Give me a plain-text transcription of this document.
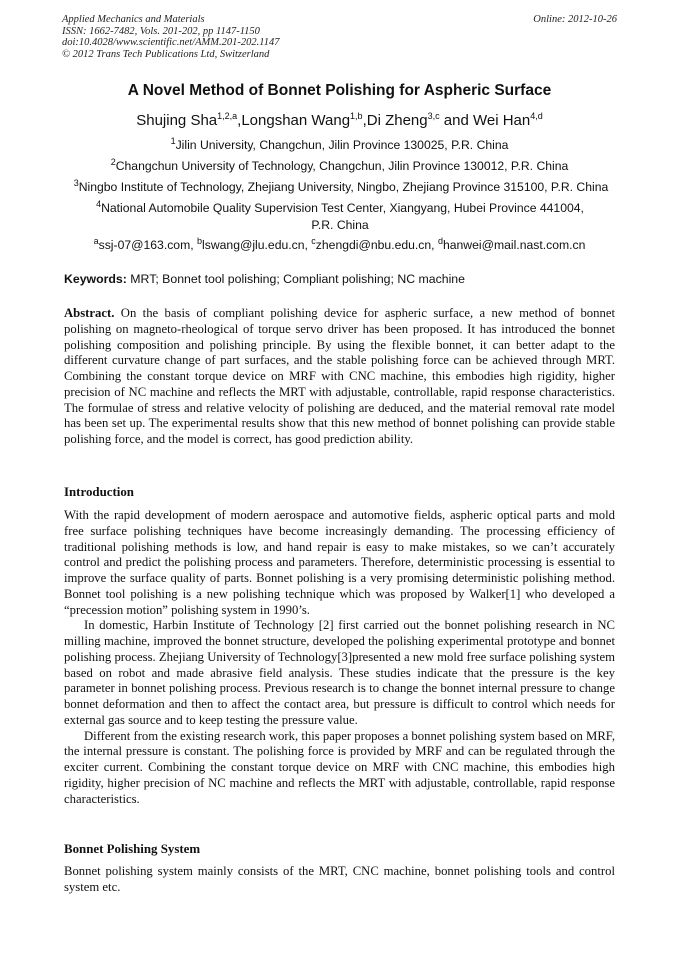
Applied Mechanics and Materials
ISSN: 1662-7482, Vols. 201-202, pp 1147-1150
doi:10.4028/www.scientific.net/AMM.201-202.1147
© 2012 Trans Tech Publications Ltd, Switzerland
Online: 2012-10-26
A Novel Method of Bonnet Polishing for Aspheric Surface
Shujing Sha$^{1,2,a}$,Longshan Wang$^{1,b}$,Di Zheng$^{3,c}$ and Wei Han$^{4,d}$
$^1$Jilin University, Changchun, Jilin Province 130025, P.R. China
$^2$Changchun University of Technology, Changchun, Jilin Province 130012, P.R. China
$^3$Ningbo Institute of Technology, Zhejiang University, Ningbo, Zhejiang Province 315100, P.R. China
$^4$National Automobile Quality Supervision Test Center, Xiangyang, Hubei Province 441004, P.R. China
$^a$ssj-07@163.com, $^b$lswang@jlu.edu.cn, $^c$zhengdi@nbu.edu.cn, $^d$hanwei@mail.nast.com.cn
Keywords: MRT; Bonnet tool polishing; Compliant polishing; NC machine
Abstract. On the basis of compliant polishing device for aspheric surface, a new method of bonnet polishing on magneto-rheological of torque servo driver has been proposed. It has introduced the bonnet polishing composition and polishing principle. By using the flexible bonnet, it can better adapt to the different curvature change of part surfaces, and the stable polishing force can be achieved through MRT. Combining the constant torque device on MRF with CNC machine, this embodies high rigidity, higher precision of NC machine and reflects the MRT with adjustable, controllable, rapid response characteristics. The formulae of stress and relative velocity of polishing are deduced, and the material removal rate model has been set up. The experimental results show that this new method of bonnet polishing can provide stable polishing force, and the model is correct, has good prediction ability.
Introduction
With the rapid development of modern aerospace and automotive fields, aspheric optical parts and mold free surface polishing techniques have become increasingly demanding. The processing efficiency of traditional polishing methods is low, and hand repair is easy to make mistakes, so we can’t accurately control and predict the polishing process and parameters. Therefore, deterministic processing is essential to improve the surface quality of parts. Bonnet polishing is a very promising deterministic polishing method. Bonnet tool polishing is a new polishing technique which was proposed by Walker[1] who developed a “precession motion” polishing system in 1990’s.
In domestic, Harbin Institute of Technology [2] first carried out the bonnet polishing research in NC milling machine, improved the bonnet structure, developed the polishing experimental prototype and bonnet polishing process. Zhejiang University of Technology[3]presented a new mold free surface polishing system based on robot and made abrasive field analysis. These studies indicate that the pressure is the key parameter in bonnet polishing process. Previous research is to change the bonnet internal pressure to change bonnet deformation and then to affect the contact area, but pressure is difficult to control which needs for external gas source and to keep testing the pressure value.
Different from the existing research work, this paper proposes a bonnet polishing system based on MRF, the internal pressure is constant. The polishing force is provided by MRF and can be regulated through the exciter current. Combining the constant torque device on MRF with CNC machine, this embodies high rigidity, higher precision of NC machine and reflects the MRT with adjustable, controllable, rapid response characteristics.
Bonnet Polishing System
Bonnet polishing system mainly consists of the MRT, CNC machine, bonnet polishing tools and control system etc.
